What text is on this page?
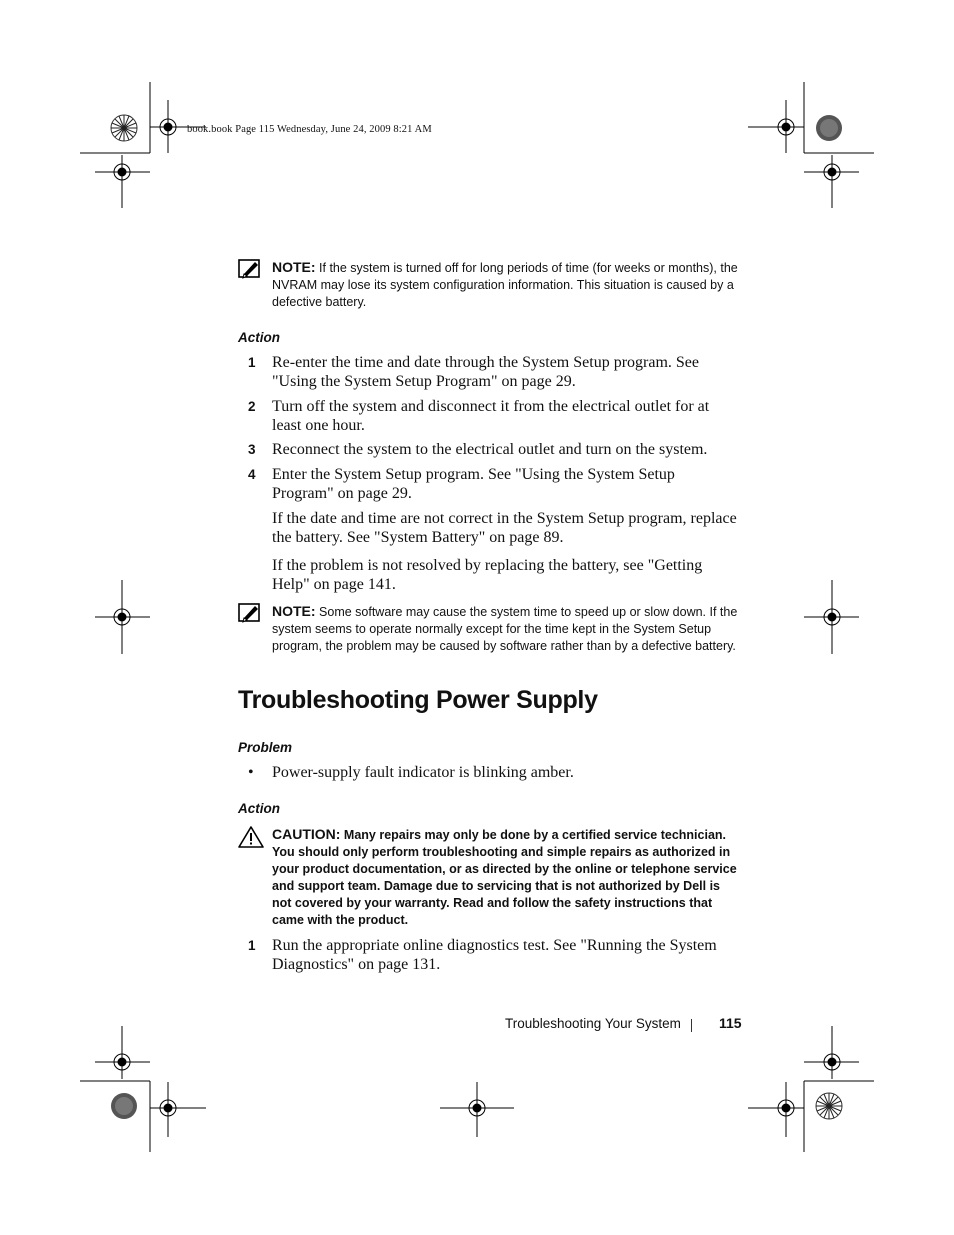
book.book Page 115 Wednesday, June 24, 2009 8:21 AM
NOTE: If the system is turned off for long periods of time (for weeks or months), the NVRAM may lose its system configuration information. This situation is caused by a defective battery.
Action
1 Re-enter the time and date through the System Setup program. See "Using the System Setup Program" on page 29.
2 Turn off the system and disconnect it from the electrical outlet for at least one hour.
3 Reconnect the system to the electrical outlet and turn on the system.
4 Enter the System Setup program. See "Using the System Setup Program" on page 29.
If the date and time are not correct in the System Setup program, replace the battery. See "System Battery" on page 89.
If the problem is not resolved by replacing the battery, see "Getting Help" on page 141.
NOTE: Some software may cause the system time to speed up or slow down. If the system seems to operate normally except for the time kept in the System Setup program, the problem may be caused by software rather than by a defective battery.
Troubleshooting Power Supply
Problem
• Power-supply fault indicator is blinking amber.
Action
CAUTION: Many repairs may only be done by a certified service technician. You should only perform troubleshooting and simple repairs as authorized in your product documentation, or as directed by the online or telephone service and support team. Damage due to servicing that is not authorized by Dell is not covered by your warranty. Read and follow the safety instructions that came with the product.
1 Run the appropriate online diagnostics test. See "Running the System Diagnostics" on page 131.
Troubleshooting Your System	115
